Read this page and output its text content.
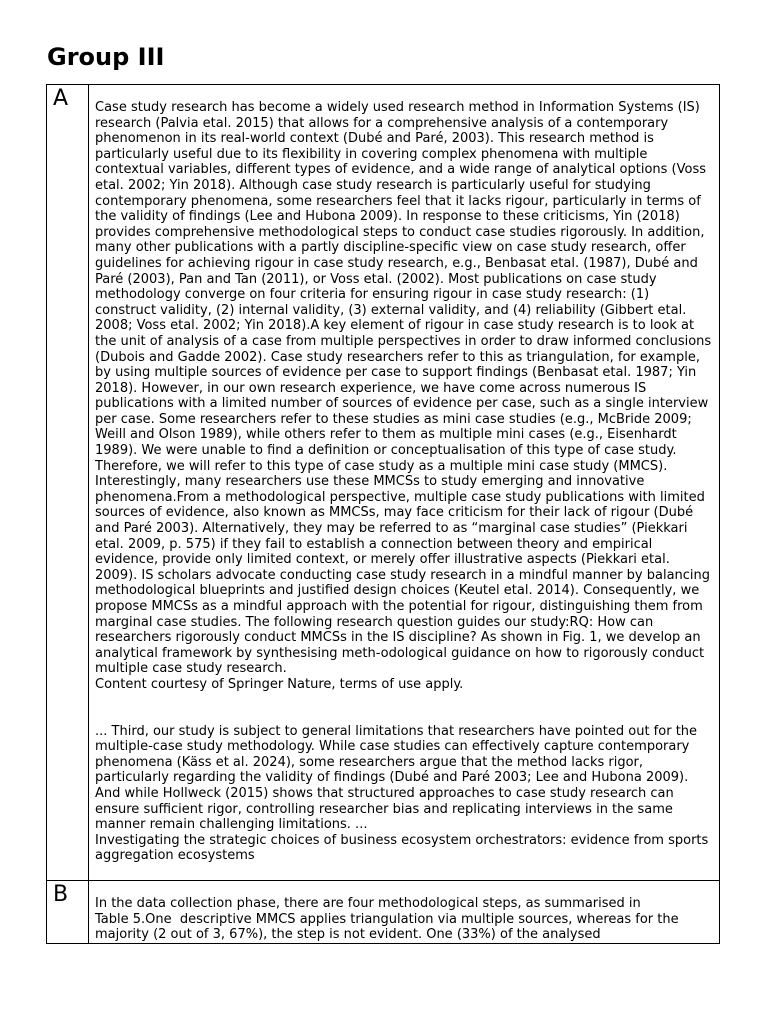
Group III
A	Case study research has become a widely used research method in Information Systems (IS) research (Palvia etal. 2015) that allows for a comprehensive analysis of a contemporary phenomenon in its real-world context (Dubé and Paré, 2003). This research method is particularly useful due to its flexibility in covering complex phenomena with multiple contextual variables, different types of evidence, and a wide range of analytical options (Voss etal. 2002; Yin 2018). Although case study research is particularly useful for studying contemporary phenomena, some researchers feel that it lacks rigour, particularly in terms of the validity of findings (Lee and Hubona 2009). In response to these criticisms, Yin (2018) provides comprehensive methodological steps to conduct case studies rigorously. In addition, many other publications with a partly discipline-specific view on case study research, offer guidelines for achieving rigour in case study research, e.g., Benbasat etal. (1987), Dubé and Paré (2003), Pan and Tan (2011), or Voss etal. (2002). Most publications on case study methodology converge on four criteria for ensuring rigour in case study research: (1) construct validity, (2) internal validity, (3) external validity, and (4) reliability (Gibbert etal. 2008; Voss etal. 2002; Yin 2018).A key element of rigour in case study research is to look at the unit of analysis of a case from multiple perspectives in order to draw informed conclusions (Dubois and Gadde 2002). Case study researchers refer to this as triangulation, for example, by using multiple sources of evidence per case to support findings (Benbasat etal. 1987; Yin 2018). However, in our own research experience, we have come across numerous IS publications with a limited number of sources of evidence per case, such as a single interview per case. Some researchers refer to these studies as mini case studies (e.g., McBride 2009; Weill and Olson 1989), while others refer to them as multiple mini cases (e.g., Eisenhardt 1989). We were unable to find a definition or conceptualisation of this type of case study. Therefore, we will refer to this type of case study as a multiple mini case study (MMCS). Interestingly, many researchers use these MMCSs to study emerging and innovative phenomena.From a methodological perspective, multiple case study publications with limited sources of evidence, also known as MMCSs, may face criticism for their lack of rigour (Dubé and Paré 2003). Alternatively, they may be referred to as “marginal case studies” (Piekkari etal. 2009, p. 575) if they fail to establish a connection between theory and empirical evidence, provide only limited context, or merely offer illustrative aspects (Piekkari etal. 2009). IS scholars advocate conducting case study research in a mindful manner by balancing methodological blueprints and justified design choices (Keutel etal. 2014). Consequently, we propose MMCSs as a mindful approach with the potential for rigour, distinguishing them from marginal case studies. The following research question guides our study:RQ: How can researchers rigorously conduct MMCSs in the IS discipline? As shown in Fig. 1, we develop an analytical framework by synthesising meth-odological guidance on how to rigorously conduct multiple case study research.

Content courtesy of Springer Nature, terms of use apply.

... Third, our study is subject to general limitations that researchers have pointed out for the multiple-case study methodology. While case studies can effectively capture contemporary phenomena (Käss et al. 2024), some researchers argue that the method lacks rigor, particularly regarding the validity of findings (Dubé and Paré 2003; Lee and Hubona 2009). And while Hollweck (2015) shows that structured approaches to case study research can ensure sufficient rigor, controlling researcher bias and replicating interviews in the same manner remain challenging limitations. ...

Investigating the strategic choices of business ecosystem orchestrators: evidence from sports aggregation ecosystems

B	In the data collection phase, there are four methodological steps, as summarised in Table 5.One  descriptive MMCS applies triangulation via multiple sources, whereas for the majority (2 out of 3, 67%), the step is not evident. One (33%) of the analysed
